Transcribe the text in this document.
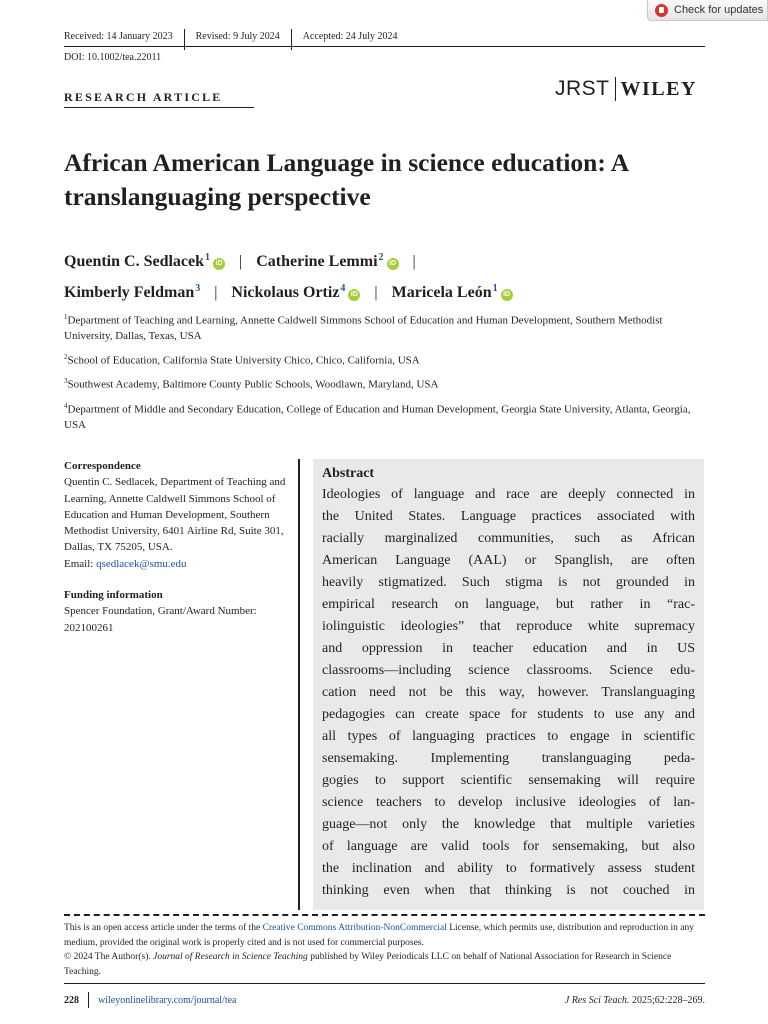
Check for updates
Received: 14 January 2023 Revised: 9 July 2024 Accepted: 24 July 2024
DOI: 10.1002/tea.22011
RESEARCH ARTICLE	JRST WILEY
African American Language in science education: A translanguaging perspective
Quentin C. Sedlacek$^1$iD | Catherine Lemmi$^2$iD |
Kimberly Feldman$^3$ | Nickolaus Ortiz$^4$iD | Maricela León$^1$iD

$^1$Department of Teaching and Learning, Annette Caldwell Simmons School of Education and Human Development, Southern Methodist University, Dallas, Texas, USA

$^2$School of Education, California State University Chico, Chico, California, USA

$^3$Southwest Academy, Baltimore County Public Schools, Woodlawn, Maryland, USA

$^4$Department of Middle and Secondary Education, College of Education and Human Development, Georgia State University, Atlanta, Georgia, USA

Correspondence

Quentin C. Sedlacek, Department of Teaching and Learning, Annette Caldwell Simmons School of Education and Human Development, Southern Methodist University, 6401 Airline Rd, Suite 301, Dallas, TX 75205, USA.

Email: qsedlacek@smu.edu

Funding information

Spencer Foundation, Grant/Award Number: 202100261

Abstract
Ideologies of language and race are deeply connected in
the United States. Language practices associated with
racially marginalized communities, such as African
American Language (AAL) or Spanglish, are often
heavily stigmatized. Such stigma is not grounded in
empirical research on language, but rather in “rac-
iolinguistic ideologies” that reproduce white supremacy
and oppression in teacher education and in US
classrooms—including science classrooms. Science edu-
cation need not be this way, however. Translanguaging
pedagogies can create space for students to use any and
all types of languaging practices to engage in scientific
sensemaking. Implementing translanguaging peda-
gogies to support scientific sensemaking will require
science teachers to develop inclusive ideologies of lan-
guage—not only the knowledge that multiple varieties
of language are valid tools for sensemaking, but also
the inclination and ability to formatively assess student
thinking even when that thinking is not couched in
This is an open access article under the terms of the Creative Commons Attribution-NonCommercial License, which permits use, distribution and reproduction in any medium, provided the original work is properly cited and is not used for commercial purposes.
© 2024 The Author(s). Journal of Research in Science Teaching published by Wiley Periodicals LLC on behalf of National Association for Research in Science Teaching.
228 wileyonlinelibrary.com/journal/tea	J Res Sci Teach. 2025;62:228–269.
